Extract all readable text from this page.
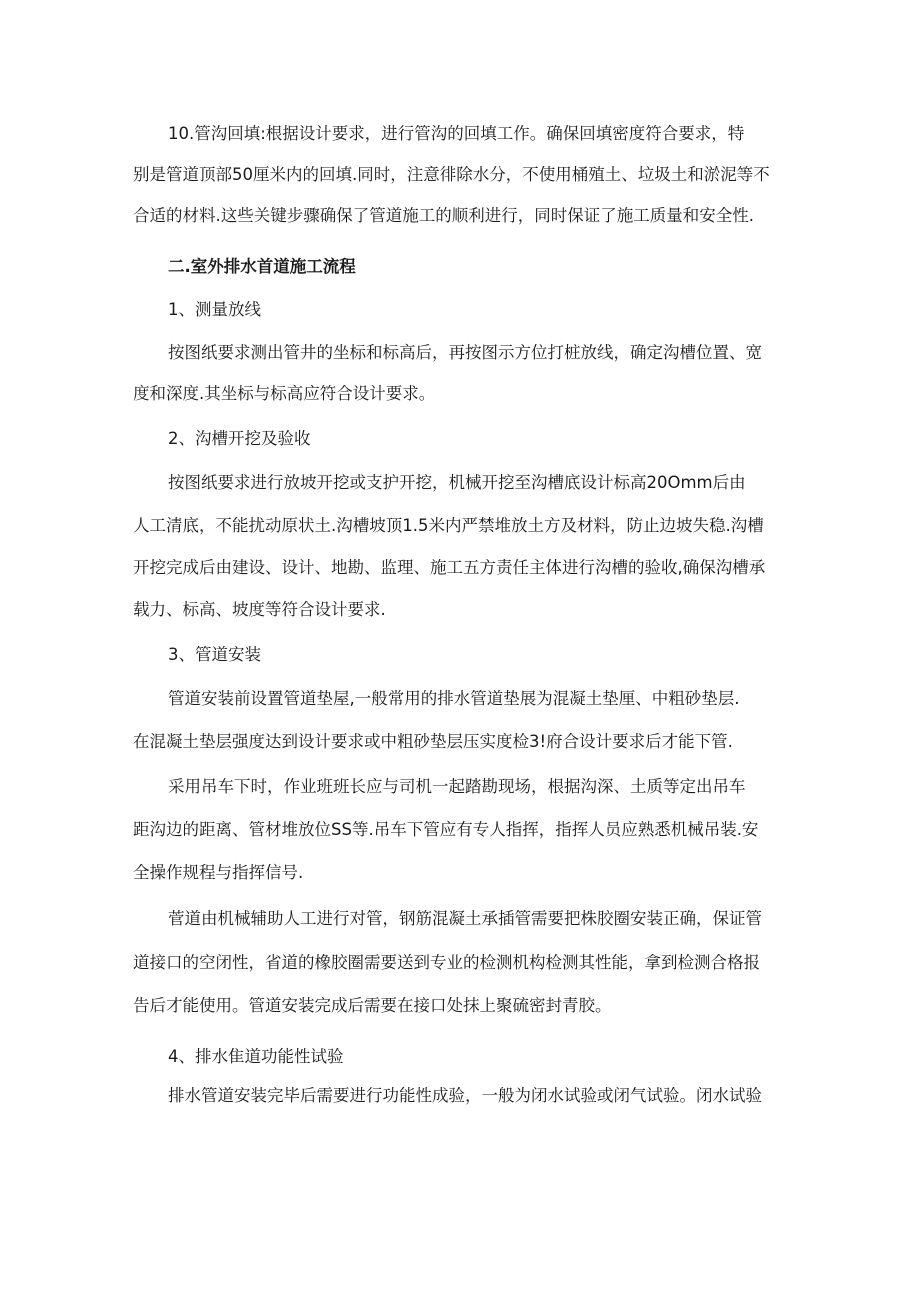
10.管沟回填:根据设计要求，进行管沟的回填工作。确保回填密度符合要求，特
别是管道顶部50厘米内的回填.同时，注意徘除水分，不使用桶殖土、垃圾土和淤泥等不
合适的材料.这些关键步骤确保了管道施工的顺利进行，同时保证了施工质量和安全性.
二.室外排水首道施工流程
1、测量放线
按图纸要求测出管井的坐标和标高后，再按图示方位打桩放线，确定沟槽位置、宽
度和深度.其坐标与标高应符合设计要求。
2、沟槽开挖及验收
按图纸要求进行放坡开挖或支护开挖，机械开挖至沟槽底设计标高20Omm后由
人工清底，不能扰动原状土.沟槽坡顶1.5米内严禁堆放土方及材料，防止边坡失稳.沟槽
开挖完成后由建设、设计、地勘、监理、施工五方责任主体进行沟槽的验收,确保沟槽承
载力、标高、坡度等符合设计要求.
3、管道安装
管道安装前设置管道垫屋,一般常用的排水管道垫展为混凝土垫厘、中粗砂垫层.
在混凝土垫层强度达到设计要求或中粗砂垫层压实度检3!府合设计要求后才能下管.
采用吊车下时，作业班班长应与司机一起踏勘现场，根据沟深、土质等定出吊车
距沟边的距离、管材堆放位SS等.吊车下管应有专人指挥，指挥人员应熟悉机械吊装.安
全操作规程与指挥信号.
菅道由机械辅助人工进行对管，钢筋混凝土承插管需要把株胶圈安装正确，保证管
道接口的空闭性，省道的橡胶圈需要送到专业的检测机构检测其性能，拿到检测合格报
告后才能使用。管道安装完成后需要在接口处抹上聚硫密封青胶。
4、排水隹道功能性试验
排水管道安装完毕后需要进行功能性成验，一般为闭水试验或闭气试验。闭水试验
